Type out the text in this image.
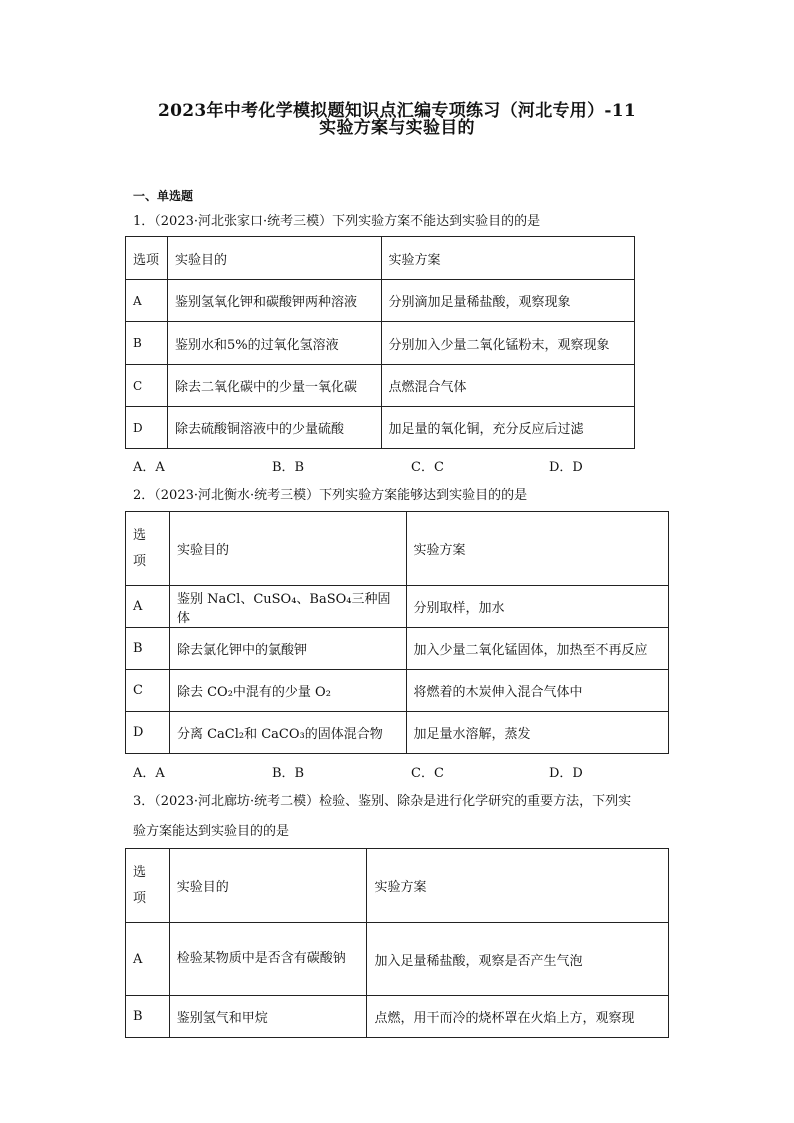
2023年中考化学模拟题知识点汇编专项练习（河北专用）-11
实验方案与实验目的
一、单选题
1．（2023·河北张家口·统考三模）下列实验方案不能达到实验目的的是
选项	实验目的	实验方案
A	鉴别氢氧化钾和碳酸钾两种溶液	分别滴加足量稀盐酸，观察现象
B	鉴别水和5%的过氧化氢溶液	分别加入少量二氧化锰粉末，观察现象
C	除去二氧化碳中的少量一氧化碳	点燃混合气体
D	除去硫酸铜溶液中的少量硫酸	加足量的氧化铜，充分反应后过滤
A．A	B．B	C．C	D．D
2．（2023·河北衡水·统考三模）下列实验方案能够达到实验目的的是
选项	实验目的	实验方案
A	鉴别 NaCl、CuSO₄、BaSO₄三种固体	分别取样，加水
B	除去氯化钾中的氯酸钾	加入少量二氧化锰固体，加热至不再反应
C	除去 CO₂中混有的少量 O₂	将燃着的木炭伸入混合气体中
D	分离 CaCl₂和 CaCO₃的固体混合物	加足量水溶解，蒸发
A．A	B．B	C．C	D．D
3．（2023·河北廊坊·统考二模）检验、鉴别、除杂是进行化学研究的重要方法，下列实
验方案能达到实验目的的是
选项	实验目的	实验方案
A	检验某物质中是否含有碳酸钠	加入足量稀盐酸，观察是否产生气泡
B	鉴别氢气和甲烷	点燃，用干而冷的烧杯罩在火焰上方，观察现
